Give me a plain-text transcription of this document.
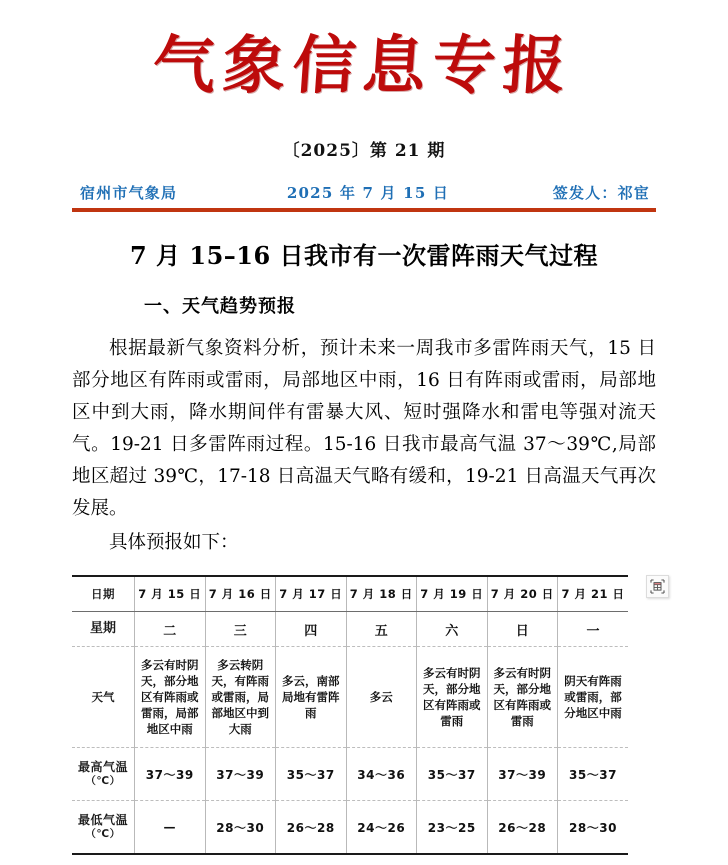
气象信息专报
〔2025〕第 21 期
宿州市气象局	2025 年 7 月 15 日	签发人：祁宦
7 月 15–16 日我市有一次雷阵雨天气过程
一、天气趋势预报

根据最新气象资料分析，预计未来一周我市多雷阵雨天气，15 日部分地区有阵雨或雷雨，局部地区中雨，16 日有阵雨或雷雨，局部地区中到大雨，降水期间伴有雷暴大风、短时强降水和雷电等强对流天气。19-21 日多雷阵雨过程。15-16 日我市最高气温 37～39℃,局部地区超过 39℃，17-18 日高温天气略有缓和，19-21 日高温天气再次发展。

具体预报如下：

日期	7 月 15 日	7 月 16 日	7 月 17 日	7 月 18 日	7 月 19 日	7 月 20 日	7 月 21 日
星期	二	三	四	五	六	日	一
天气	多云有时阴天，部分地区有阵雨或雷雨，局部地区中雨	多云转阴天，有阵雨或雷雨，局部地区中到大雨	多云，南部局地有雷阵雨	多云	多云有时阴天，部分地区有阵雨或雷雨	多云有时阴天，部分地区有阵雨或雷雨	阴天有阵雨或雷雨，部分地区中雨
最高气温
（℃）	37～39	37～39	35～37	34～36	35～37	37～39	35～37
最低气温
（℃）	—	28～30	26～28	24～26	23～25	26～28	28～30
